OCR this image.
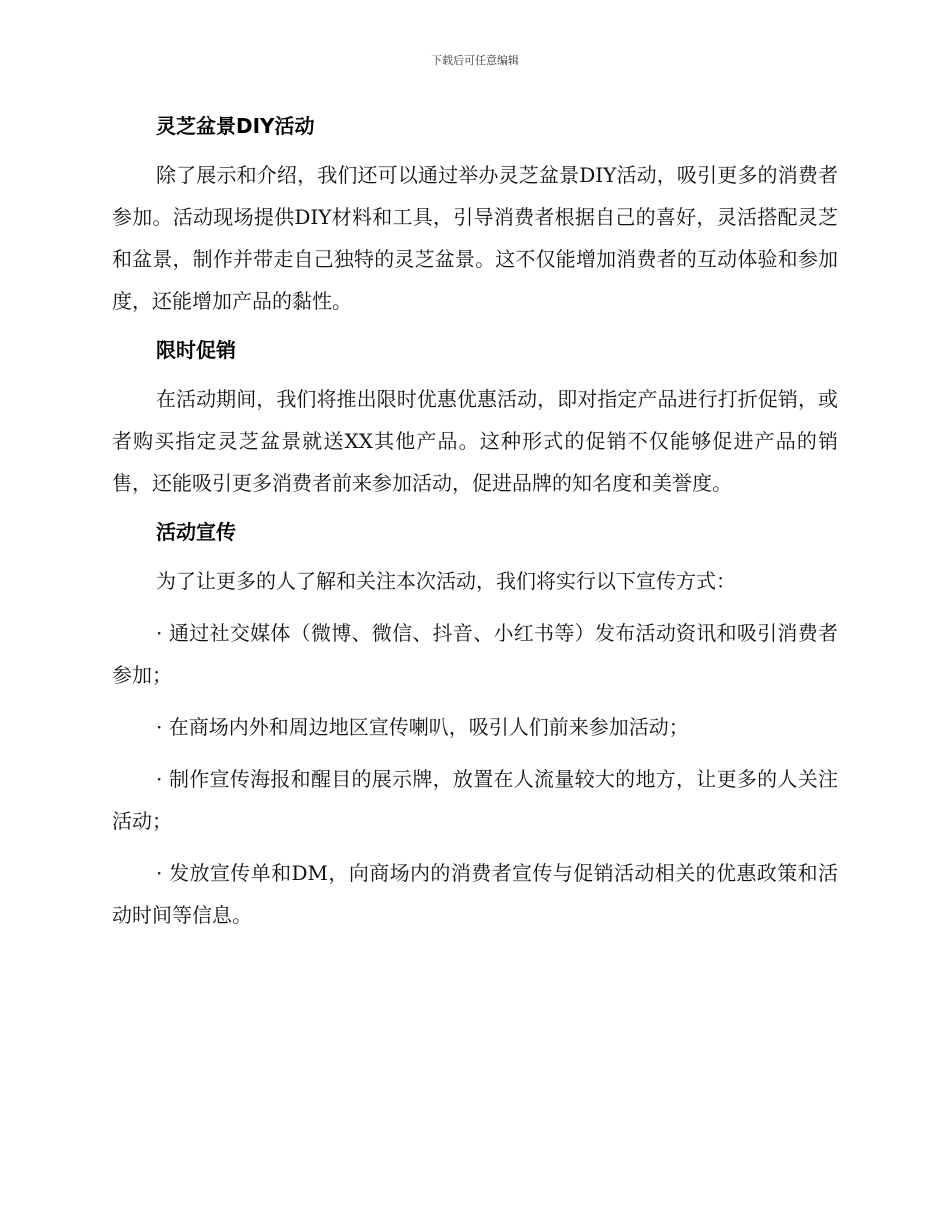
下载后可任意编辑
灵芝盆景DIY活动

除了展示和介绍，我们还可以通过举办灵芝盆景DIY活动，吸引更多的消费者参加。活动现场提供DIY材料和工具，引导消费者根据自己的喜好，灵活搭配灵芝和盆景，制作并带走自己独特的灵芝盆景。这不仅能增加消费者的互动体验和参加度，还能增加产品的黏性。

限时促销

在活动期间，我们将推出限时优惠优惠活动，即对指定产品进行打折促销，或者购买指定灵芝盆景就送XX其他产品。这种形式的促销不仅能够促进产品的销售，还能吸引更多消费者前来参加活动，促进品牌的知名度和美誉度。

活动宣传

为了让更多的人了解和关注本次活动，我们将实行以下宣传方式：

· 通过社交媒体（微博、微信、抖音、小红书等）发布活动资讯和吸引消费者参加；

· 在商场内外和周边地区宣传喇叭，吸引人们前来参加活动；

· 制作宣传海报和醒目的展示牌，放置在人流量较大的地方，让更多的人关注活动；

· 发放宣传单和DM，向商场内的消费者宣传与促销活动相关的优惠政策和活动时间等信息。
